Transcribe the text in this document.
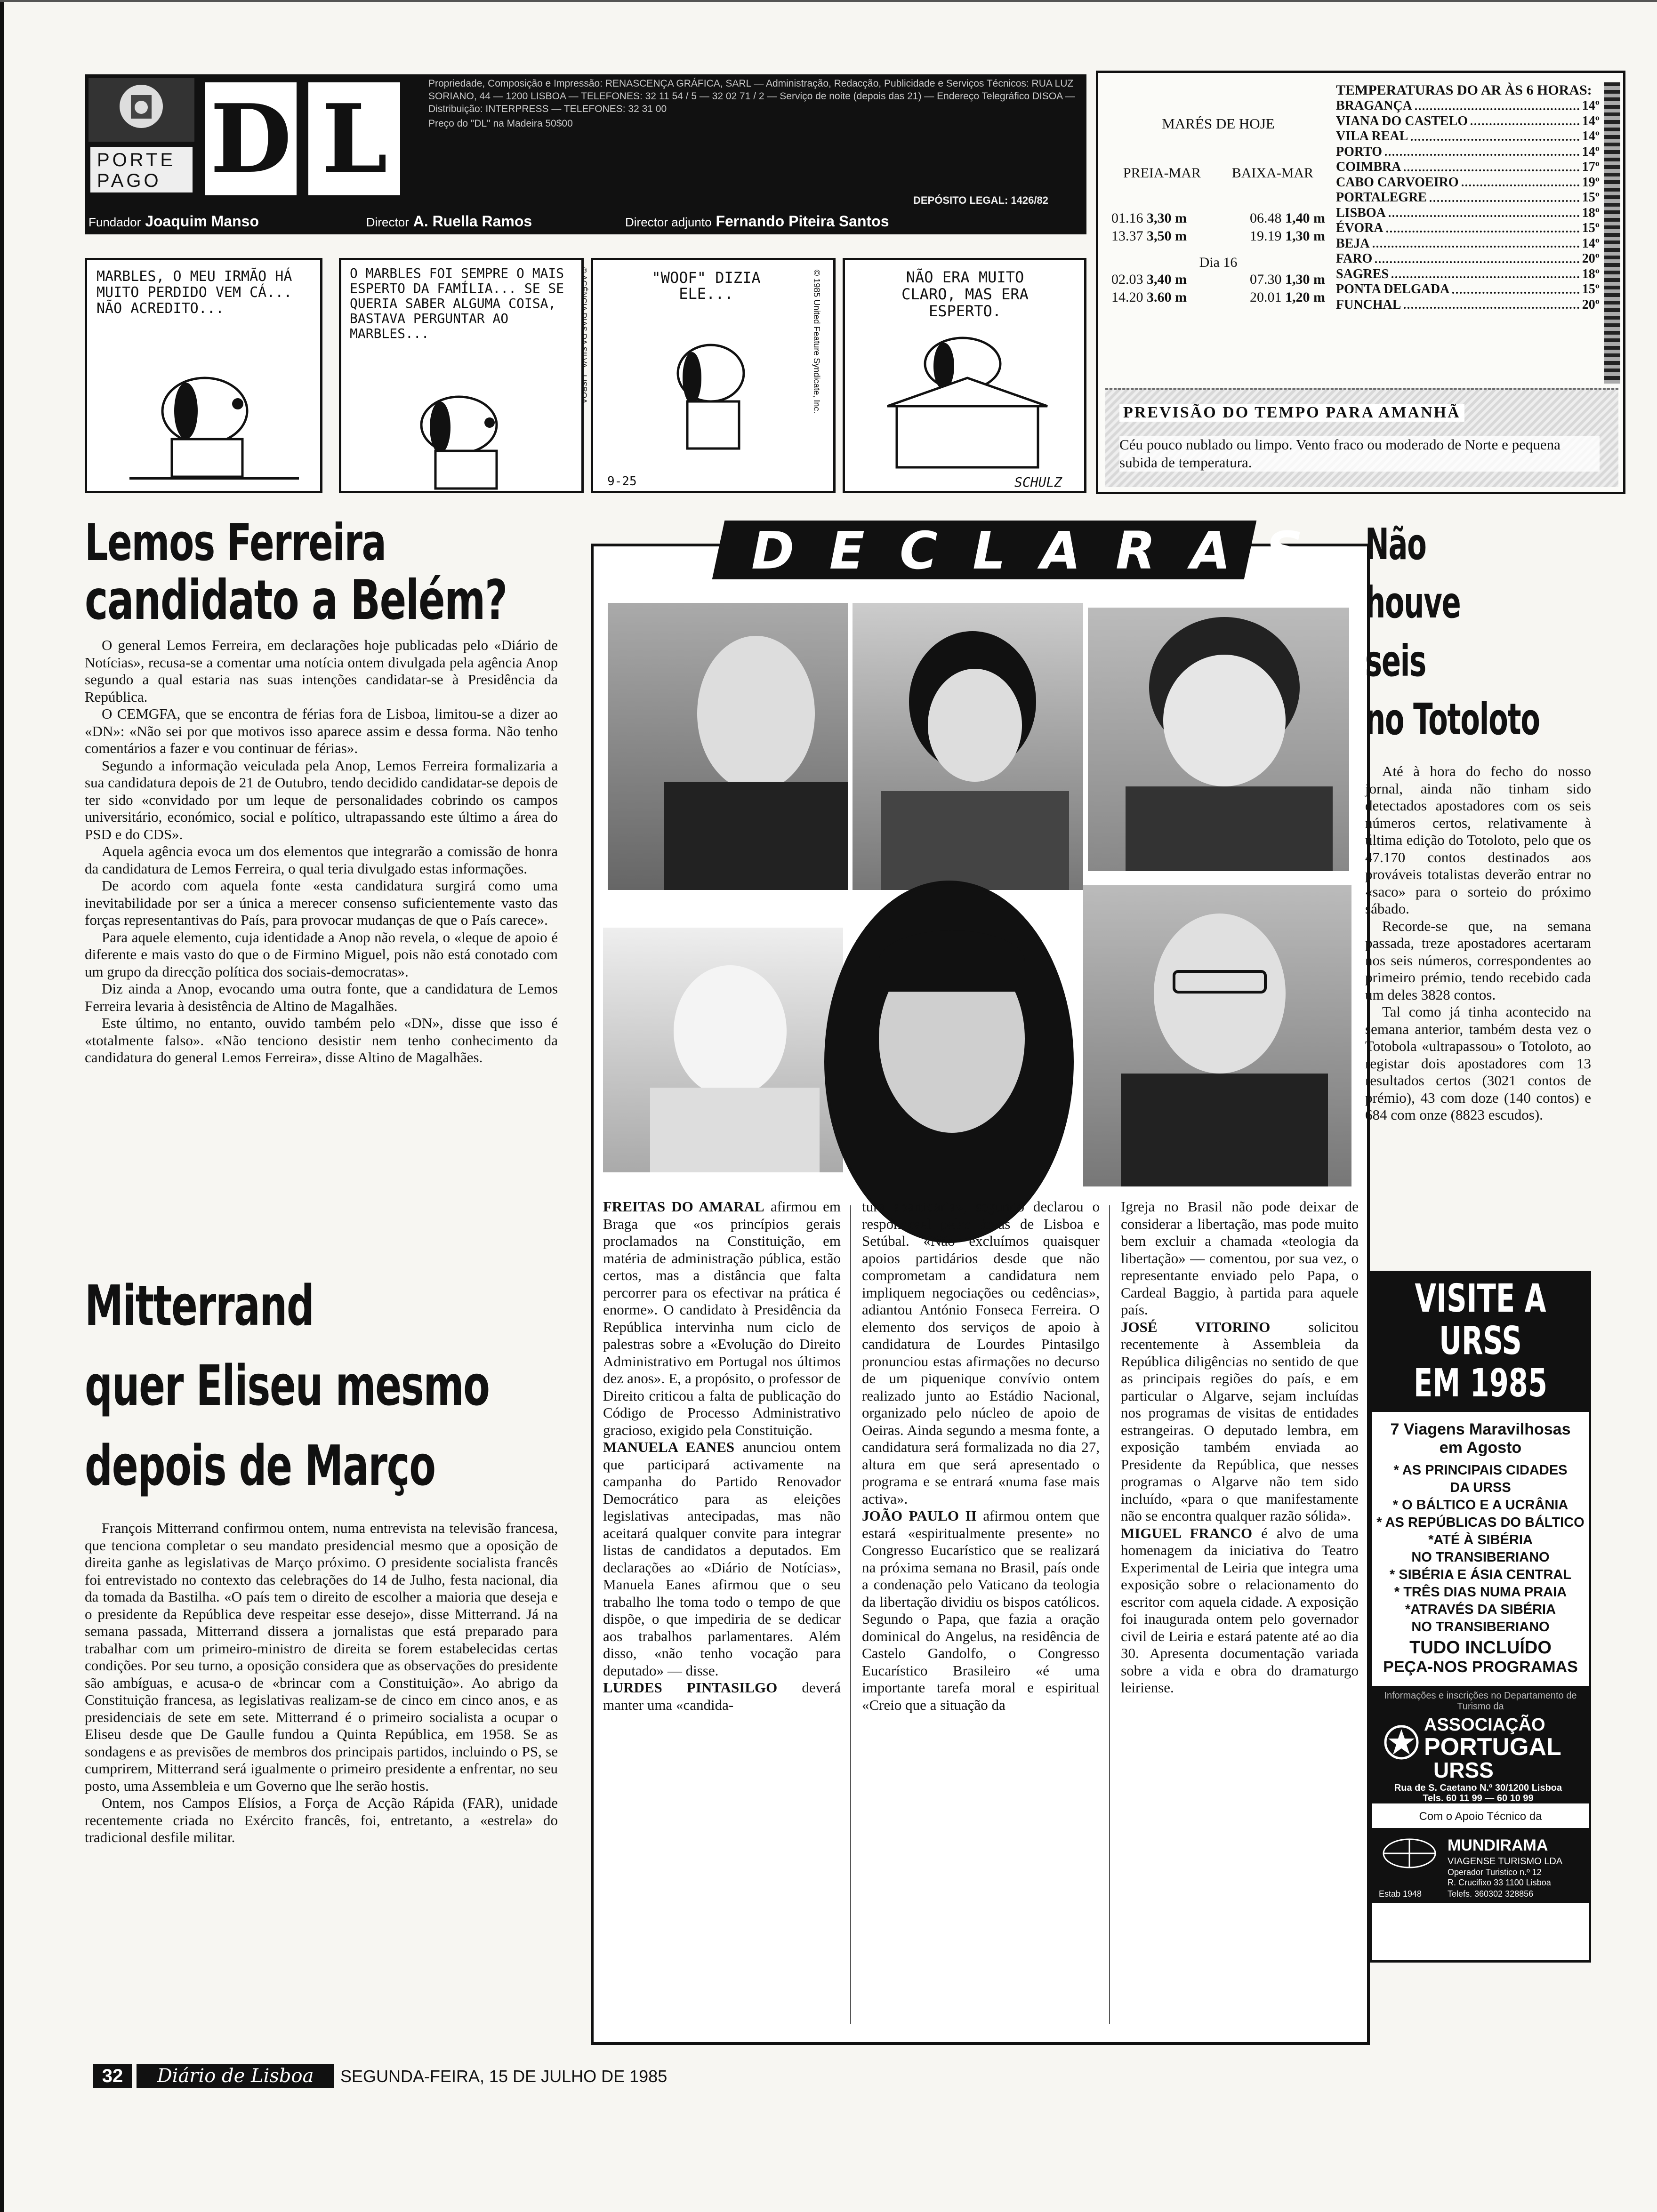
PORTE PAGO D L
Propriedade, Composição e Impressão: RENASCENÇA GRÁFICA, SARL — Administração, Redacção, Publicidade e Serviços Técnicos: RUA LUZ SORIANO, 44 — 1200 LISBOA — TELEFONES: 32 11 54 / 5 — 32 02 71 / 2 — Serviço de noite (depois das 21) — Endereço Telegráfico DISOA — Distribuição: INTERPRESS — TELEFONES: 32 31 00
Preço do "DL" na Madeira 50$00
DEPÓSITO LEGAL: 1426/82
Fundador Joaquim Manso	Director A. Ruella Ramos	Director adjunto Fernando Piteira Santos
MARBLES, O MEU IRMÃO HÁ MUITO PERDIDO VEM CÁ... NÃO ACREDITO...
O MARBLES FOI SEMPRE O MAIS ESPERTO DA FAMÍLIA... SE SE QUERIA SABER ALGUMA COISA, BASTAVA PERGUNTAR AO MARBLES...
"WOOF" DIZIA ELE...
9-25
© 1985 United Feature Syndicate, Inc.	NÃO ERA MUITO CLARO, MAS ERA ESPERTO.
SCHULZ
© AGÊNCIA DIAS DA SILVA · LISBOA
MARÉS DE HOJE
PREIA-MAR BAIXA-MAR
01.16 3,30 m	06.48 1,40 m
13.37 3,50 m	19.19 1,30 m
Dia 16
02.03 3,40 m	07.30 1,30 m
14.20 3.60 m	20.01 1,20 m
TEMPERATURAS DO AR ÀS 6 HORAS:
BRAGANÇA	14º
VIANA DO CASTELO	14º
VILA REAL	14º
PORTO	14º
COIMBRA	17º
CABO CARVOEIRO	19º
PORTALEGRE	15º
LISBOA	18º
ÉVORA	15º
BEJA	14º
FARO	20º
SAGRES	18º
PONTA DELGADA	15º
FUNCHAL	20º
PREVISÃO DO TEMPO PARA AMANHÃ
Céu pouco nublado ou limpo. Vento fraco ou moderado de Norte e pequena subida de temperatura.
Lemos Ferreira
candidato a Belém?

O general Lemos Ferreira, em declarações hoje publicadas pelo «Diário de Notícias», recusa-se a comentar uma notícia ontem divulgada pela agência Anop segundo a qual estaria nas suas intenções candidatar-se à Presidência da República.

O CEMGFA, que se encontra de férias fora de Lisboa, limitou-se a dizer ao «DN»: «Não sei por que motivos isso aparece assim e dessa forma. Não tenho comentários a fazer e vou continuar de férias».

Segundo a informação veiculada pela Anop, Lemos Ferreira formalizaria a sua candidatura depois de 21 de Outubro, tendo decidido candidatar-se depois de ter sido «convidado por um leque de personalidades cobrindo os campos universitário, económico, social e político, ultrapassando este último a área do PSD e do CDS».

Aquela agência evoca um dos elementos que integrarão a comissão de honra da candidatura de Lemos Ferreira, o qual teria divulgado estas informações.

De acordo com aquela fonte «esta candidatura surgirá como uma inevitabilidade por ser a única a merecer consenso suficientemente vasto das forças representantivas do País, para provocar mudanças de que o País carece».

Para aquele elemento, cuja identidade a Anop não revela, o «leque de apoio é diferente e mais vasto do que o de Firmino Miguel, pois não está conotado com um grupo da direcção política dos sociais-democratas».

Diz ainda a Anop, evocando uma outra fonte, que a candidatura de Lemos Ferreira levaria à desistência de Altino de Magalhães.

Este último, no entanto, ouvido também pelo «DN», disse que isso é «totalmente falso». «Não tenciono desistir nem tenho conhecimento da candidatura do general Lemos Ferreira», disse Altino de Magalhães.

Mitterrand
quer Eliseu mesmo
depois de Março

François Mitterrand confirmou ontem, numa entrevista na televisão francesa, que tenciona completar o seu mandato presidencial mesmo que a oposição de direita ganhe as legislativas de Março próximo. O presidente socialista francês foi entrevistado no contexto das celebrações do 14 de Julho, festa nacional, dia da tomada da Bastilha. «O país tem o direito de escolher a maioria que deseja e o presidente da República deve respeitar esse desejo», disse Mitterrand. Já na semana passada, Mitterrand dissera a jornalistas que está preparado para trabalhar com um primeiro-ministro de direita se forem estabelecidas certas condições. Por seu turno, a oposição considera que as observações do presidente são ambíguas, e acusa-o de «brincar com a Constituição». Ao abrigo da Constituição francesa, as legislativas realizam-se de cinco em cinco anos, e as presidenciais de sete em sete. Mitterrand é o primeiro socialista a ocupar o Eliseu desde que De Gaulle fundou a Quinta República, em 1958. Se as sondagens e as previsões de membros dos principais partidos, incluindo o PS, se cumprirem, Mitterrand será igualmente o primeiro presidente a enfrentar, no seu posto, uma Assembleia e um Governo que lhe serão hostis.

Ontem, nos Campos Elísios, a Força de Acção Rápida (FAR), unidade recentemente criada no Exército francês, foi, entretanto, a «estrela» do tradicional desfile militar.

D E C L A R A S

FREITAS DO AMARAL afirmou em Braga que «os princípios gerais proclamados na Constituição, em matéria de administração pública, estão certos, mas a distância que falta percorrer para os efectivar na prática é enorme». O candidato à Presidência da República intervinha num ciclo de palestras sobre a «Evolução do Direito Administrativo em Portugal nos últimos dez anos». E, a propósito, o professor de Direito criticou a falta de publicação do Código de Processo Administrativo gracioso, exigido pela Constituição.

MANUELA EANES anunciou ontem que participará activamente na campanha do Partido Renovador Democrático para as eleições legislativas antecipadas, mas não aceitará qualquer convite para integrar listas de candidatos a deputados. Em declarações ao «Diário de Notícias», Manuela Eanes afirmou que o seu trabalho lhe toma todo o tempo de que dispõe, o que impediria de se dedicar aos trabalhos parlamentares. Além disso, «não tenho vocação para deputado» — disse.

LURDES PINTASILGO deverá manter uma «candida-

tura apartidária», segundo declarou o responsável pelas áreas de Lisboa e Setúbal. «Não excluímos quaisquer apoios partidários desde que não comprometam a candidatura nem impliquem negociações ou cedências», adiantou António Fonseca Ferreira. O elemento dos serviços de apoio à candidatura de Lourdes Pintasilgo pronunciou estas afirmações no decurso de um piquenique convívio ontem realizado junto ao Estádio Nacional, organizado pelo núcleo de apoio de Oeiras. Ainda segundo a mesma fonte, a candidatura será formalizada no dia 27, altura em que será apresentado o programa e se entrará «numa fase mais activa».

JOÃO PAULO II afirmou ontem que estará «espiritualmente presente» no Congresso Eucarístico que se realizará na próxima semana no Brasil, país onde a condenação pelo Vaticano da teologia da libertação dividiu os bispos católicos. Segundo o Papa, que fazia a oração dominical do Angelus, na residência de Castelo Gandolfo, o Congresso Eucarístico Brasileiro «é uma importante tarefa moral e espiritual «Creio que a situação da

Igreja no Brasil não pode deixar de considerar a libertação, mas pode muito bem excluir a chamada «teologia da libertação» — comentou, por sua vez, o representante enviado pelo Papa, o Cardeal Baggio, à partida para aquele país.

JOSÉ VITORINO	solicitou recentemente à Assembleia da República diligências no sentido de que as principais regiões do país, e em particular o Algarve, sejam incluídas nos programas de visitas de entidades estrangeiras. O deputado lembra, em exposição também enviada ao Presidente da República, que nesses programas o Algarve não tem sido incluído, «para o que manifestamente não se encontra qualquer razão sólida».

MIGUEL FRANCO é alvo de uma homenagem da iniciativa do Teatro Experimental de Leiria que integra uma exposição sobre o relacionamento do escritor com aquela cidade. A exposição foi inaugurada ontem pelo governador civil de Leiria e estará patente até ao dia 30. Apresenta documentação variada sobre a vida e obra do dramaturgo leiriense.

Não
houve
seis
no Totoloto

Até à hora do fecho do nosso jornal, ainda não tinham sido detectados apostadores com os seis números certos, relativamente à última edição do Totoloto, pelo que os 47.170 contos destinados aos prováveis totalistas deverão entrar no «saco» para o sorteio do próximo sábado.

Recorde-se que, na semana passada, treze apostadores acertaram nos seis números, correspondentes ao primeiro prémio, tendo recebido cada um deles 3828 contos.

Tal como já tinha acontecido na semana anterior, também desta vez o Totobola «ultrapassou» o Totoloto, ao registar dois apostadores com 13 resultados certos (3021 contos de prémio), 43 com doze (140 contos) e 684 com onze (8823 escudos).

VISITE A URSS
EM 1985
7 Viagens Maravilhosas
em Agosto
* AS PRINCIPAIS CIDADES
DA URSS
* O BÁLTICO E A UCRÂNIA
* AS REPÚBLICAS DO BÁLTICO
*ATÉ À SIBÉRIA
NO TRANSIBERIANO
* SIBÉRIA E ÁSIA CENTRAL
* TRÊS DIAS NUMA PRAIA
*ATRAVÉS DA SIBÉRIA
NO TRANSIBERIANO
TUDO INCLUÍDO
PEÇA-NOS PROGRAMAS
Informações e inscrições no Departamento de Turismo da
ASSOCIAÇÃO
PORTUGAL
URSS
Rua de S. Caetano N.º 30/1200 Lisboa
Tels. 60 11 99 — 60 10 99
Com o Apoio Técnico da
MUNDIRAMA
VIAGENSE TURISMO LDA
Operador Turistico n.º 12
R. Crucifixo 33 1100 Lisboa
Estab 1948	Telefs. 360302 328856
32	Diário de Lisboa	SEGUNDA-FEIRA, 15 DE JULHO DE 1985
